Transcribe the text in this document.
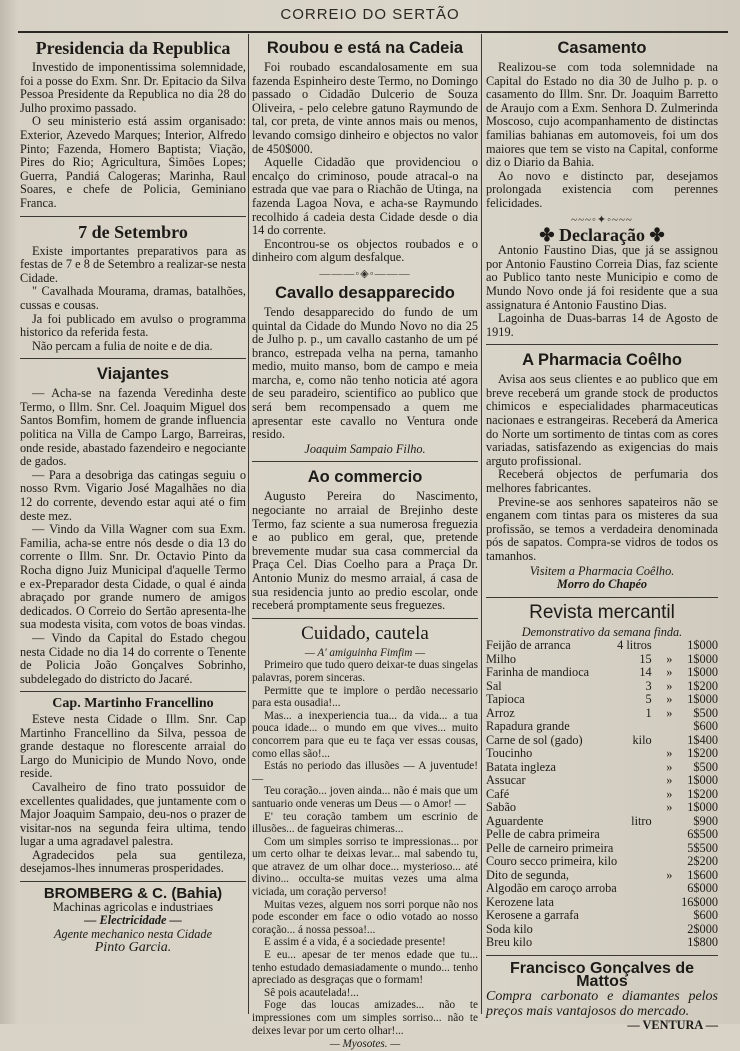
CORREIO DO SERTÃO
Presidencia da Republica

Investido de imponentissima solemnidade, foi a posse do Exm. Snr. Dr. Epitacio da Silva Pessoa Presidente da Republica no dia 28 do Julho proximo passado.

O seu ministerio está assim organisado: Exterior, Azevedo Marques; Interior, Alfredo Pinto; Fazenda, Homero Baptista; Viação, Pires do Rio; Agricultura, Simões Lopes; Guerra, Pandiá Calogeras; Marinha, Raul Soares, e chefe de Policia, Geminiano Franca.

7 de Setembro

Existe importantes preparativos para as festas de 7 e 8 de Setembro a realizar-se nesta Cidade.

" Cavalhada Mourama, dramas, batalhões, cussas e cousas.

Ja foi publicado em avulso o programma historico da referida festa.

Não percam a fulia de noite e de dia.

Viajantes

— Acha-se na fazenda Veredinha deste Termo, o Illm. Snr. Cel. Joaquim Miguel dos Santos Bomfim, homem de grande influencia politica na Villa de Campo Largo, Barreiras, onde reside, abastado fazendeiro e negociante de gados.

— Para a desobriga das catingas seguiu o nosso Rvm. Vigario José Magalhães no dia 12 do corrente, devendo estar aqui até o fim deste mez.

— Vindo da Villa Wagner com sua Exm. Familia, acha-se entre nós desde o dia 13 do corrente o Illm. Snr. Dr. Octavio Pinto da Rocha digno Juiz Municipal d'aquelle Termo e ex-Preparador desta Cidade, o qual é ainda abraçado por grande numero de amigos dedicados. O Correio do Sertão apresenta-lhe sua modesta visita, com votos de boas vindas.

— Vindo da Capital do Estado chegou nesta Cidade no dia 14 do corrente o Tenente de Policia João Gonçalves Sobrinho, subdelegado do districto do Jacaré.

Cap. Martinho Francellino

Esteve nesta Cidade o Illm. Snr. Cap Martinho Francellino da Silva, pessoa de grande destaque no florescente arraial do Largo do Municipio de Mundo Novo, onde reside.

Cavalheiro de fino trato possuidor de excellentes qualidades, que juntamente com o Major Joaquim Sampaio, deu-nos o prazer de visitar-nos na segunda feira ultima, tendo lugar a uma agradavel palestra.

Agradecidos pela sua gentileza, desejamos-lhes innumeras prosperidades.

BROMBERG & C. (Bahia)

Machinas agricolas e industriaes

— Electricidade —

Agente mechanico nesta Cidade

Pinto Garcia.

Roubou e está na Cadeia

Foi roubado escandalosamente em sua fazenda Espinheiro deste Termo, no Domingo passado o Cidadão Dulcerio de Souza Oliveira, - pelo celebre gatuno Raymundo de tal, cor preta, de vinte annos mais ou menos, levando comsigo dinheiro e objectos no valor de 450$000.

Aquelle Cidadão que providenciou o encalço do criminoso, poude atracal-o na estrada que vae para o Riachão de Utinga, na fazenda Lagoa Nova, e acha-se Raymundo recolhido á cadeia desta Cidade desde o dia 14 do corrente.

Encontrou-se os objectos roubados e o dinheiro com algum desfalque.

———◦◈◦———
Cavallo desapparecido

Tendo desapparecido do fundo de um quintal da Cidade do Mundo Novo no dia 25 de Julho p. p., um cavallo castanho de um pé branco, estrepada velha na perna, tamanho medio, muito manso, bom de campo e meia marcha, e, como não tenho noticia até agora de seu paradeiro, scientifico ao publico que será bem recompensado a quem me apresentar este cavallo no Ventura onde resido.

Joaquim Sampaio Filho.

Ao commercio

Augusto Pereira do Nascimento, negociante no arraial de Brejinho deste Termo, faz sciente a sua numerosa freguezia e ao publico em geral, que, pretende brevemente mudar sua casa commercial da Praça Cel. Dias Coelho para a Praça Dr. Antonio Muniz do mesmo arraial, á casa de sua residencia junto ao predio escolar, onde receberá promptamente seus freguezes.

Cuidado, cautela

— A' amiguinha Fimfim —

Primeiro que tudo quero deixar-te duas singelas palavras, porem sinceras.

Permitte que te implore o perdão necessario para esta ousadia!...

Mas... a inexperiencia tua... da vida... a tua pouca idade... o mundo em que vives... muito concorrem para que eu te faça ver essas cousas, como ellas são!...

Estás no periodo das illusões — A juventude! —

Teu coração... joven ainda... não é mais que um santuario onde veneras um Deus — o Amor! —

E' teu coração tambem um escrinio de illusões... de fagueiras chimeras...

Com um simples sorriso te impressionas... por um certo olhar te deixas levar... mal sabendo tu, que atravez de um olhar doce... mysterioso... até divino... occulta-se muitas vezes uma alma viciada, um coração perverso!

Muitas vezes, alguem nos sorri porque não nos pode esconder em face o odio votado ao nosso coração... á nossa pessoa!...

E assim é a vida, é a sociedade presente!

E eu... apesar de ter menos edade que tu... tenho estudado demasiadamente o mundo... tenho apreciado as desgraças que o formam!

Sê pois acautelada!...

Foge das loucas amizades... não te impressiones com um simples sorriso... não te deixes levar por um certo olhar!...

— Myosotes. —

Casamento

Realizou-se com toda solemnidade na Capital do Estado no dia 30 de Julho p. p. o casamento do Illm. Snr. Dr. Joaquim Barretto de Araujo com a Exm. Senhora D. Zulmerinda Moscoso, cujo acompanhamento de distinctas familias bahianas em automoveis, foi um dos maiores que tem se visto na Capital, conforme diz o Diario da Bahia.

Ao novo e distincto par, desejamos prolongada existencia com perennes felicidades.

~~~◦✦◦~~~
✤ Declaração ✤

Antonio Faustino Dias, que já se assignou por Antonio Faustino Correia Dias, faz sciente ao Publico tanto neste Municipio e como de Mundo Novo onde já foi residente que a sua assignatura é Antonio Faustino Dias.

Lagoinha de Duas-barras 14 de Agosto de 1919.

A Pharmacia Coêlho

Avisa aos seus clientes e ao publico que em breve receberá um grande stock de productos chimicos e especialidades pharmaceuticas nacionaes e estrangeiras. Receberá da America do Norte um sortimento de tintas com as cores variadas, satisfazendo as exigencias do mais arguto profissional.

Receberá objectos de perfumaria dos melhores fabricantes.

Previne-se aos senhores sapateiros não se enganem com tintas para os misteres da sua profissão, se temos a verdadeira denominada pós de sapatos. Compra-se vidros de todos os tamanhos.

Visitem a Pharmacia Coêlho.

Morro do Chapéo

Revista mercantil

Demonstrativo da semana finda.

Feijão de arranca	4 litros		1$000
Milho	15	»	1$000
Farinha de mandioca	14	»	1$000
Sal	3	»	1$200
Tapioca	5	»	1$000
Arroz	1	»	$500
Rapadura grande			$600
Carne de sol (gado)	kilo		1$400
Toucinho		»	1$200
Batata ingleza		»	$500
Assucar		»	1$000
Café		»	1$200
Sabão		»	1$000
Aguardente	litro		$900
Pelle de cabra primeira			6$500
Pelle de carneiro primeira			5$500
Couro secco primeira, kilo			2$200
Dito de segunda,		»	1$600
Algodão em caroço arroba			6$000
Kerozene lata			16$000
Kerosene a garrafa			$600
Soda kilo			2$000
Breu kilo			1$800
Francisco Gonçalves de Mattos

Compra carbonato e diamantes pelos preços mais vantajosos do mercado.

— VENTURA —
